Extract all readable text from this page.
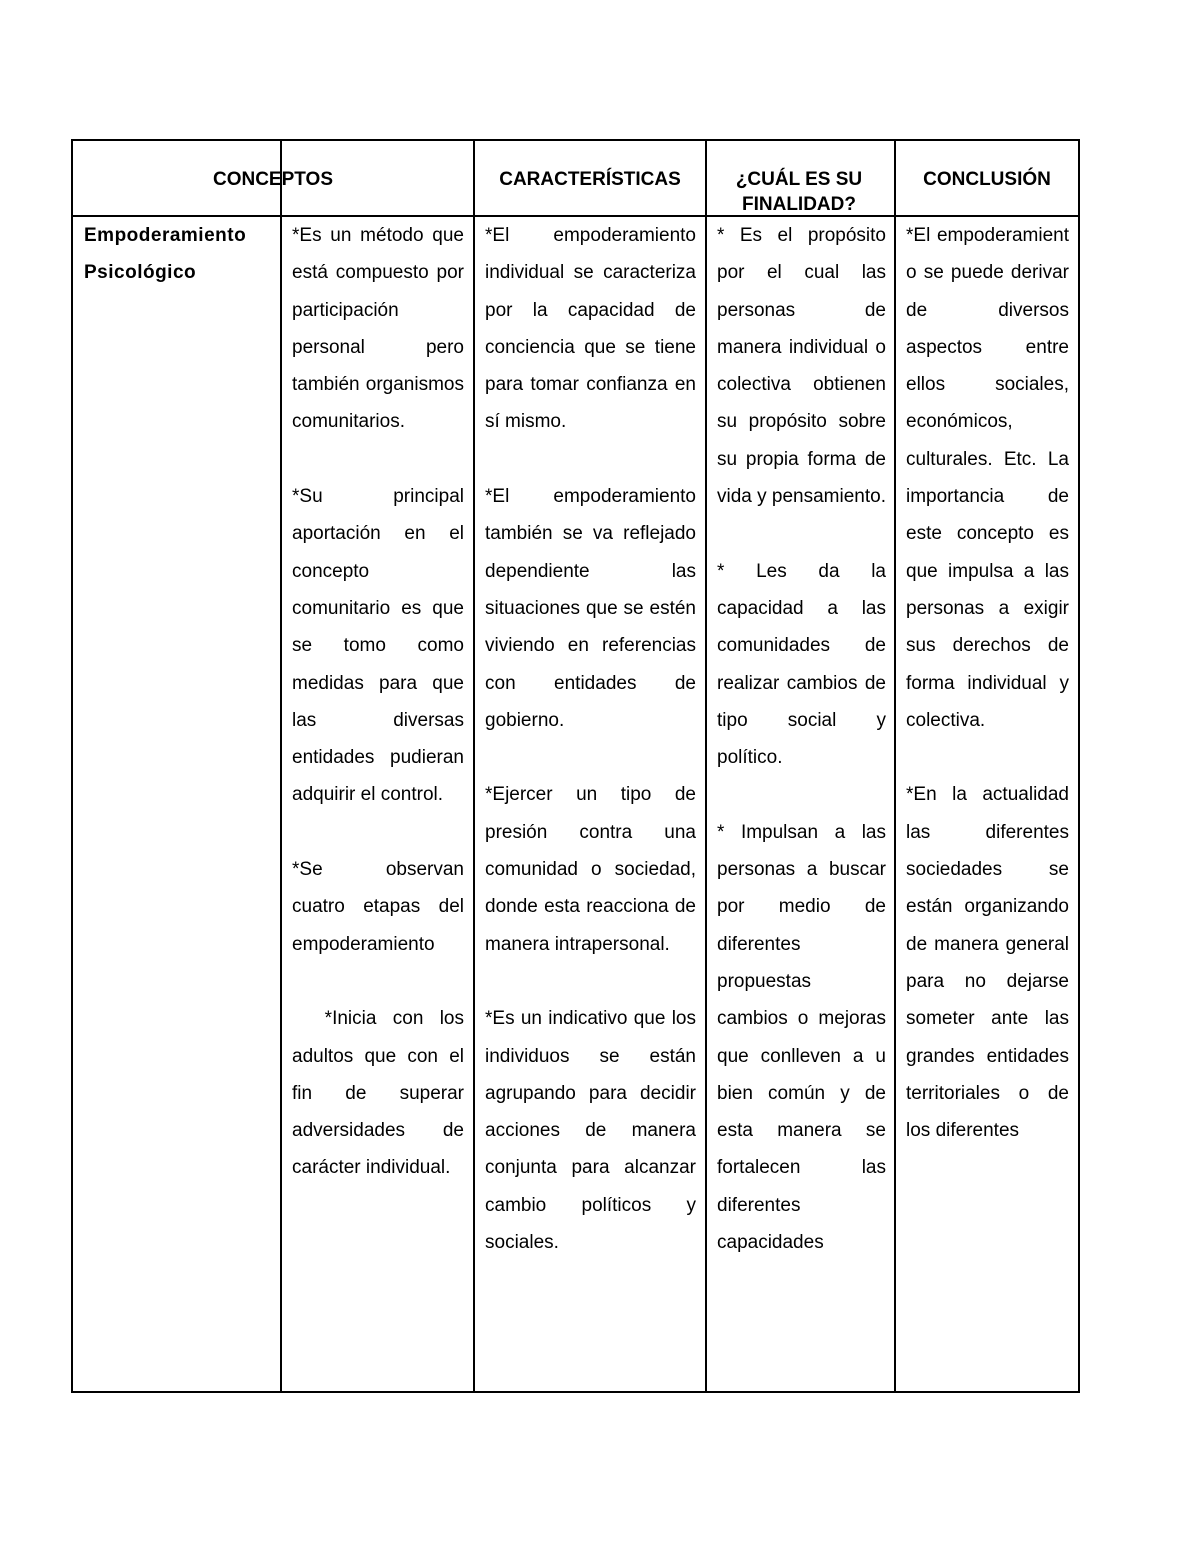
CONCEPTOS	CARACTERÍSTICAS	¿CUÁL ES SU FINALIDAD?
CONCLUSIÓN
Empoderamiento Psicológico

*Es un método que está compuesto por participación personal pero también organismos comunitarios.

*Su principal aportación en el concepto comunitario es que se tomo como medidas para que las diversas entidades pudieran adquirir el control.

*Se observan cuatro etapas del empoderamiento

*Inicia con los adultos que con el fin de superar adversidades de carácter individual.

*El empoderamiento individual se caracteriza por la capacidad de conciencia que se tiene para tomar confianza en sí mismo.

*El empoderamiento también se va reflejado dependiente las situaciones que se estén viviendo en referencias con entidades de gobierno.

*Ejercer un tipo de presión contra una comunidad o sociedad, donde esta reacciona de manera intrapersonal.

*Es un indicativo que los individuos se están agrupando para decidir acciones de manera conjunta para alcanzar cambio políticos y sociales.

* Es el propósito por el cual las personas de manera individual o colectiva obtienen su propósito sobre su propia forma de vida y pensamiento.

* Les da la capacidad a las comunidades de realizar cambios de tipo social y político.

* Impulsan a las personas a buscar por medio de diferentes propuestas cambios o mejoras que conlleven a u bien común y de esta manera se fortalecen las diferentes capacidades

*El empoderamient o se puede derivar de diversos aspectos entre ellos sociales, económicos, culturales. Etc. La importancia de este concepto es que impulsa a las personas a exigir sus derechos de forma individual y colectiva.

*En la actualidad las diferentes sociedades se están organizando de manera general para no dejarse someter ante las grandes entidades territoriales o de los diferentes
